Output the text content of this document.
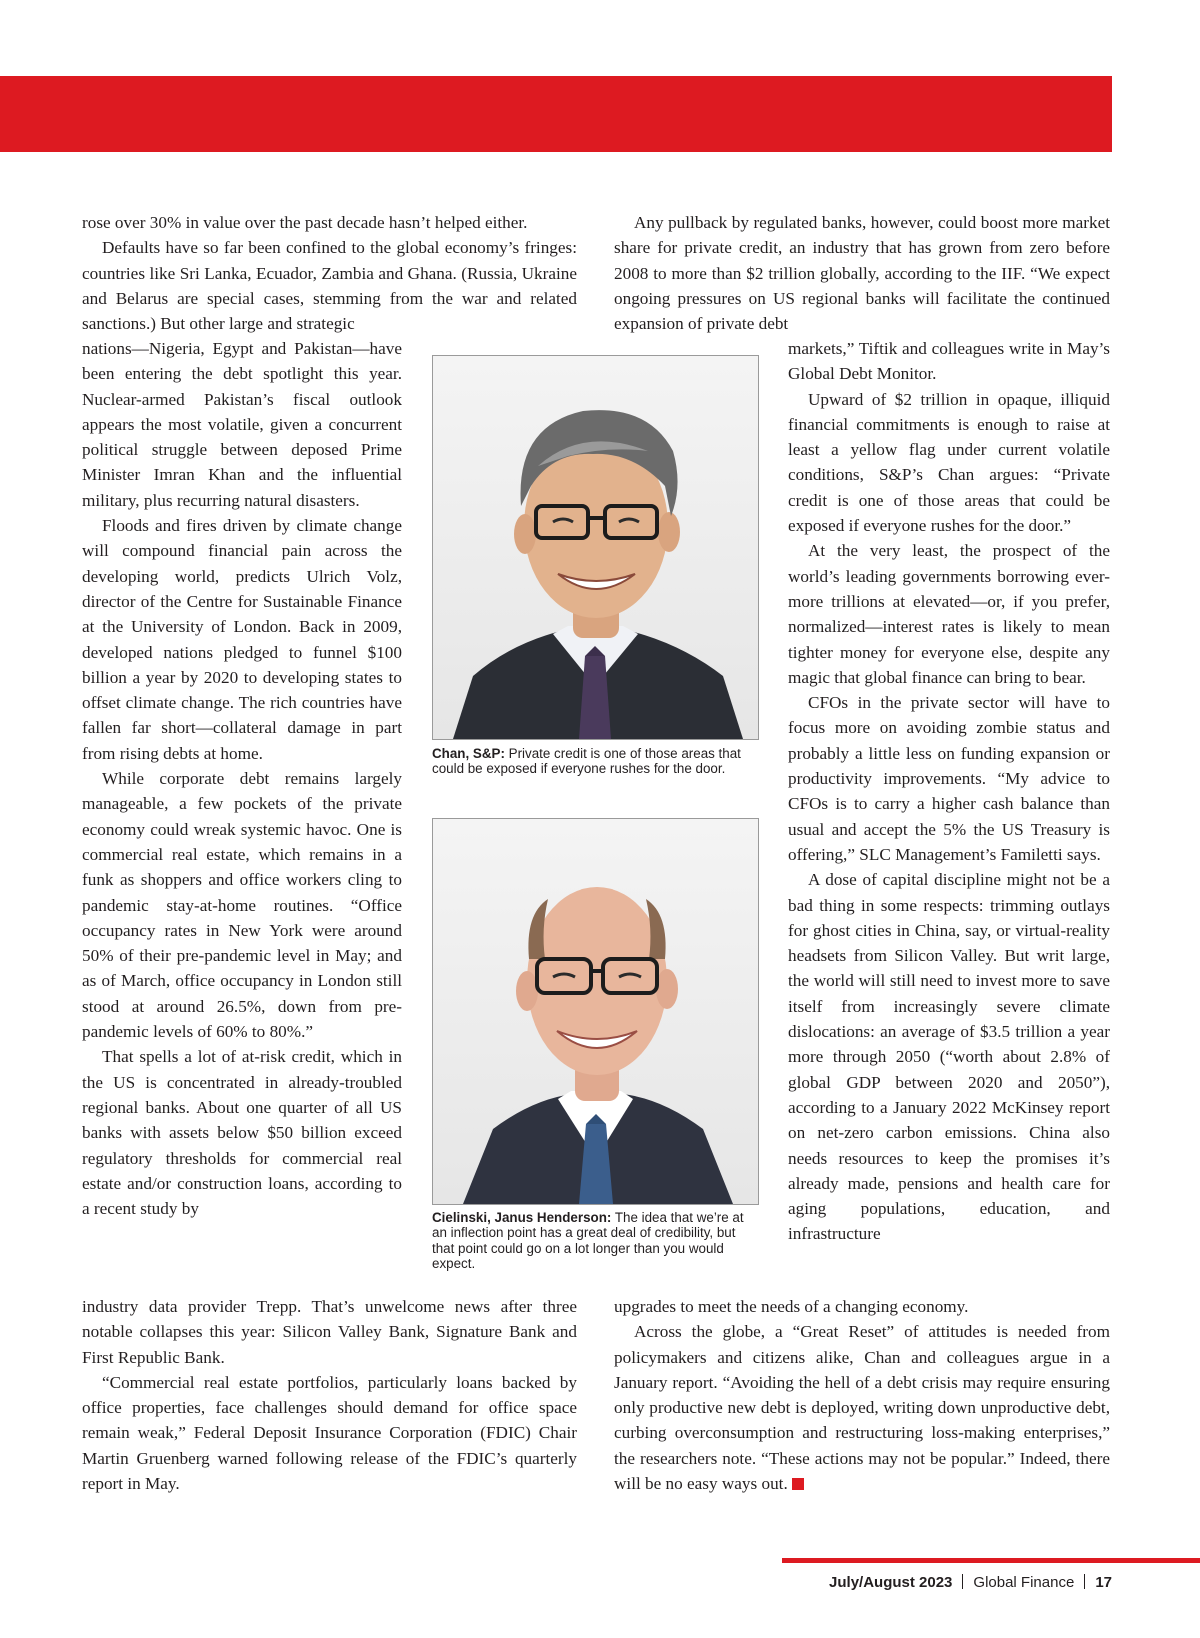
rose over 30% in value over the past decade hasn’t helped either.

Defaults have so far been confined to the global economy’s fringes: countries like Sri Lanka, Ecuador, Zambia and Ghana. (Russia, Ukraine and Belarus are special cases, stemming from the war and related sanctions.) But other large and strategic

nations—Nigeria, Egypt and Pakistan—have been entering the debt spotlight this year. Nuclear-armed Pakistan’s fiscal outlook appears the most volatile, given a concurrent political struggle between deposed Prime Minister Imran Khan and the influential military, plus recurring natural disasters.

Floods and fires driven by climate change will compound financial pain across the developing world, predicts Ulrich Volz, director of the Centre for Sustainable Finance at the University of London. Back in 2009, developed nations pledged to funnel $100 billion a year by 2020 to developing states to offset climate change. The rich countries have fallen far short—collateral damage in part from rising debts at home.

While corporate debt remains largely manageable, a few pockets of the private economy could wreak systemic havoc. One is commercial real estate, which remains in a funk as shoppers and office workers cling to pandemic stay-at-home routines. “Office occupancy rates in New York were around 50% of their pre-pandemic level in May; and as of March, office occupancy in London still stood at around 26.5%, down from pre-pandemic levels of 60% to 80%.”

That spells a lot of at-risk credit, which in the US is concentrated in already-troubled regional banks. About one quarter of all US banks with assets below $50 billion exceed regulatory thresholds for commercial real estate and/or construction loans, according to a recent study by

industry data provider Trepp. That’s unwelcome news after three notable collapses this year: Silicon Valley Bank, Signature Bank and First Republic Bank.

“Commercial real estate portfolios, particularly loans backed by office properties, face challenges should demand for office space remain weak,” Federal Deposit Insurance Corporation (FDIC) Chair Martin Gruenberg warned following release of the FDIC’s quarterly report in May.

Any pullback by regulated banks, however, could boost more market share for private credit, an industry that has grown from zero before 2008 to more than $2 trillion globally, according to the IIF. “We expect ongoing pressures on US regional banks will facilitate the continued expansion of private debt

markets,” Tiftik and colleagues write in May’s Global Debt Monitor.

Upward of $2 trillion in opaque, illiquid financial commitments is enough to raise at least a yellow flag under current volatile conditions, S&P’s Chan argues: “Private credit is one of those areas that could be exposed if everyone rushes for the door.”

At the very least, the prospect of the world’s leading governments borrowing ever-more trillions at elevated—or, if you prefer, normalized—interest rates is likely to mean tighter money for everyone else, despite any magic that global finance can bring to bear.

CFOs in the private sector will have to focus more on avoiding zombie status and probably a little less on funding expansion or productivity improvements. “My advice to CFOs is to carry a higher cash balance than usual and accept the 5% the US Treasury is offering,” SLC Management’s Familetti says.

A dose of capital discipline might not be a bad thing in some respects: trimming outlays for ghost cities in China, say, or virtual-reality headsets from Silicon Valley. But writ large, the world will still need to invest more to save itself from increasingly severe climate dislocations: an average of $3.5 trillion a year more through 2050 (“worth about 2.8% of global GDP between 2020 and 2050”), according to a January 2022 McKinsey report on net-zero carbon emissions. China also needs resources to keep the promises it’s already made, pensions and health care for aging populations, education, and infrastructure

upgrades to meet the needs of a changing economy.

Across the globe, a “Great Reset” of attitudes is needed from policymakers and citizens alike, Chan and colleagues argue in a January report. “Avoiding the hell of a debt crisis may require ensuring only productive new debt is deployed, writing down unproductive debt, curbing overconsumption and restructuring loss-making enterprises,” the researchers note. “These actions may not be popular.” Indeed, there will be no easy ways out.

Chan, S&P: Private credit is one of those areas that could be exposed if everyone rushes for the door.
Cielinski, Janus Henderson: The idea that we’re at an inflection point has a great deal of credibility, but that point could go on a lot longer than you would expect.
July/August 2023 Global Finance 17
